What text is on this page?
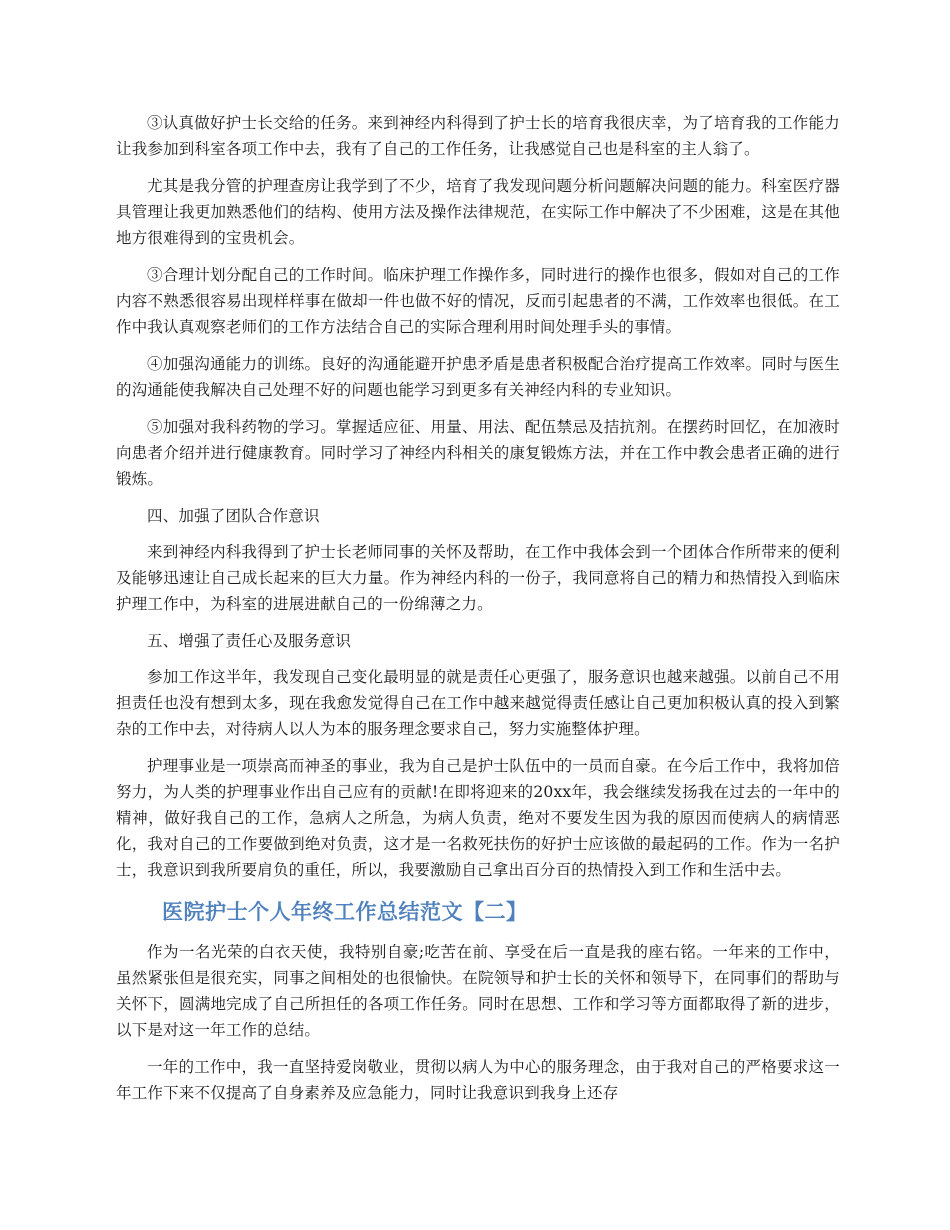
③认真做好护士长交给的任务。来到神经内科得到了护士长的培育我很庆幸，为了培育我的工作能力让我参加到科室各项工作中去，我有了自己的工作任务，让我感觉自己也是科室的主人翁了。

尤其是我分管的护理查房让我学到了不少，培育了我发现问题分析问题解决问题的能力。科室医疗器具管理让我更加熟悉他们的结构、使用方法及操作法律规范，在实际工作中解决了不少困难，这是在其他地方很难得到的宝贵机会。

③合理计划分配自己的工作时间。临床护理工作操作多，同时进行的操作也很多，假如对自己的工作内容不熟悉很容易出现样样事在做却一件也做不好的情况，反而引起患者的不满，工作效率也很低。在工作中我认真观察老师们的工作方法结合自己的实际合理利用时间处理手头的事情。

④加强沟通能力的训练。良好的沟通能避开护患矛盾是患者积极配合治疗提高工作效率。同时与医生的沟通能使我解决自己处理不好的问题也能学习到更多有关神经内科的专业知识。

⑤加强对我科药物的学习。掌握适应征、用量、用法、配伍禁忌及拮抗剂。在摆药时回忆，在加液时向患者介绍并进行健康教育。同时学习了神经内科相关的康复锻炼方法，并在工作中教会患者正确的进行锻炼。

四、加强了团队合作意识

来到神经内科我得到了护士长老师同事的关怀及帮助，在工作中我体会到一个团体合作所带来的便利及能够迅速让自己成长起来的巨大力量。作为神经内科的一份子，我同意将自己的精力和热情投入到临床护理工作中，为科室的进展进献自己的一份绵薄之力。

五、增强了责任心及服务意识

参加工作这半年，我发现自己变化最明显的就是责任心更强了，服务意识也越来越强。以前自己不用担责任也没有想到太多，现在我愈发觉得自己在工作中越来越觉得责任感让自己更加积极认真的投入到繁杂的工作中去，对待病人以人为本的服务理念要求自己，努力实施整体护理。

护理事业是一项崇高而神圣的事业，我为自己是护士队伍中的一员而自豪。在今后工作中，我将加倍努力，为人类的护理事业作出自己应有的贡献!在即将迎来的20xx年，我会继续发扬我在过去的一年中的精神，做好我自己的工作，急病人之所急，为病人负责，绝对不要发生因为我的原因而使病人的病情恶化，我对自己的工作要做到绝对负责，这才是一名救死扶伤的好护士应该做的最起码的工作。作为一名护士，我意识到我所要肩负的重任，所以，我要激励自己拿出百分百的热情投入到工作和生活中去。

医院护士个人年终工作总结范文【二】

作为一名光荣的白衣天使，我特别自豪;吃苦在前、享受在后一直是我的座右铭。一年来的工作中，虽然紧张但是很充实，同事之间相处的也很愉快。在院领导和护士长的关怀和领导下，在同事们的帮助与关怀下，圆满地完成了自己所担任的各项工作任务。同时在思想、工作和学习等方面都取得了新的进步，以下是对这一年工作的总结。

一年的工作中，我一直坚持爱岗敬业，贯彻以病人为中心的服务理念，由于我对自己的严格要求这一年工作下来不仅提高了自身素养及应急能力，同时让我意识到我身上还存
